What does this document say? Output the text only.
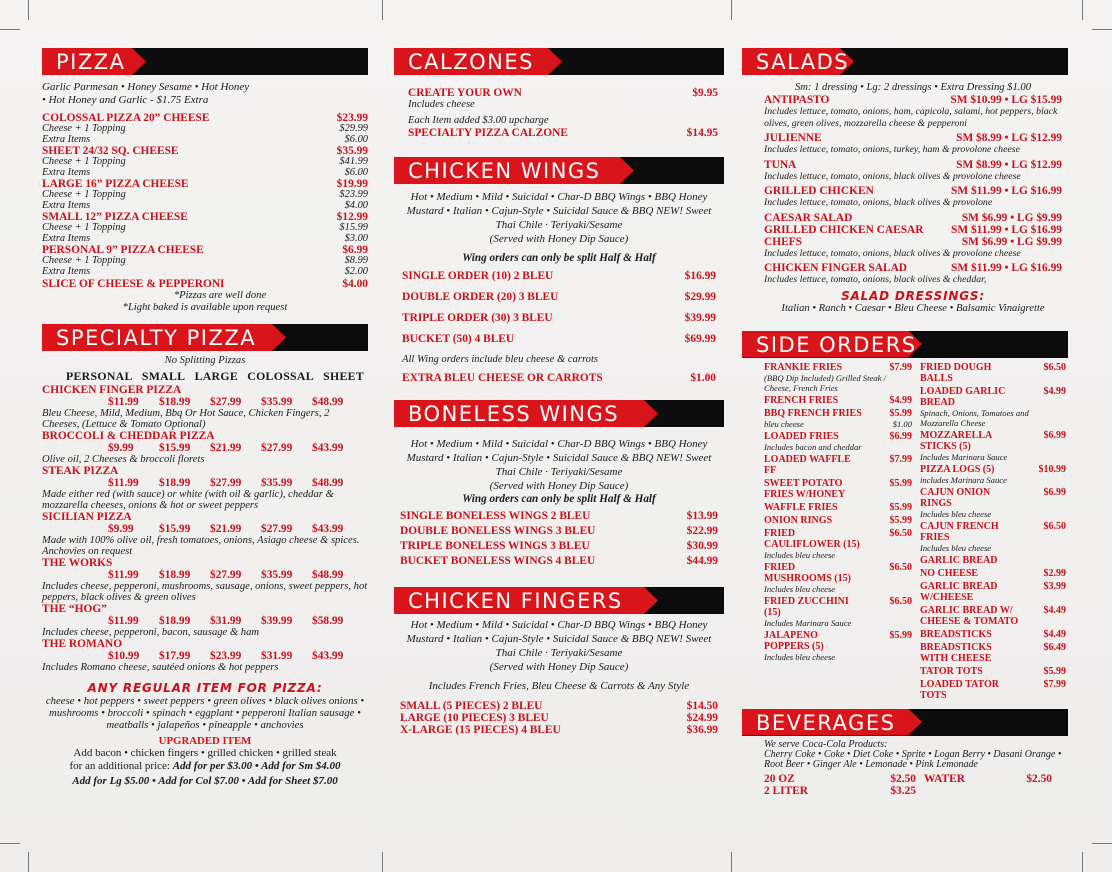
PIZZA
Garlic Parmesan • Honey Sesame • Hot Honey
• Hot Honey and Garlic - $1.75 Extra
COLOSSAL PIZZA 20” CHEESE	$23.99
Cheese + 1 Topping	$29.99
Extra Items	$6.00
SHEET 24/32 SQ. CHEESE	$35.99
Cheese + 1 Topping	$41.99
Extra Items	$6.00
LARGE 16” PIZZA CHEESE	$19.99
Cheese + 1 Topping	$23.99
Extra Items	$4.00
SMALL 12” PIZZA CHEESE	$12.99
Cheese + 1 Topping	$15.99
Extra Items	$3.00
PERSONAL 9” PIZZA CHEESE	$6.99
Cheese + 1 Topping	$8.99
Extra Items	$2.00
SLICE OF CHEESE & PEPPERONI	$4.00
*Pizzas are well done
*Light baked is available upon request
SPECIALTY PIZZA
No Splitting Pizzas
PERSONAL SMALL LARGE COLOSSAL SHEET
CHICKEN FINGER PIZZA
$11.99	$18.99	$27.99	$35.99	$48.99
Bleu Cheese, Mild, Medium, Bbq Or Hot Sauce, Chicken Fingers, 2 Cheeses, (Lettuce & Tomato Optional)
BROCCOLI & CHEDDAR PIZZA
$9.99	$15.99	$21.99	$27.99	$43.99
Olive oil, 2 Cheeses & broccoli florets
STEAK PIZZA
$11.99	$18.99	$27.99	$35.99	$48.99
Made either red (with sauce) or white (with oil & garlic), cheddar & mozzarella cheeses, onions & hot or sweet peppers
SICILIAN PIZZA
$9.99	$15.99	$21.99	$27.99	$43.99
Made with 100% olive oil, fresh tomatoes, onions, Asiago cheese & spices. Anchovies on request
THE WORKS
$11.99	$18.99	$27.99	$35.99	$48.99
Includes cheese, pepperoni, mushrooms, sausage, onions, sweet peppers, hot peppers, black olives & green olives
THE “HOG”
$11.99	$18.99	$31.99	$39.99	$58.99
Includes cheese, pepperoni, bacon, sausage & ham
THE ROMANO
$10.99	$17.99	$23.99	$31.99	$43.99
Includes Romano cheese, sautéed onions & hot peppers
ANY REGULAR ITEM FOR PIZZA:
cheese • hot peppers • sweet peppers • green olives • black olives onions • mushrooms • broccoli • spinach • eggplant • pepperoni Italian sausage • meatballs • jalapeños • pineapple • anchovies
UPGRADED ITEM
Add bacon • chicken fingers • grilled chicken • grilled steak
for an additional price: Add for per $3.00 • Add for Sm $4.00
Add for Lg $5.00 • Add for Col $7.00 • Add for Sheet $7.00
CALZONES
CREATE YOUR OWN	$9.95
Includes cheese
Each Item added $3.00 upcharge
SPECIALTY PIZZA CALZONE	$14.95
CHICKEN WINGS
Hot • Medium • Mild • Suicidal • Char-D BBQ Wings • BBQ Honey Mustard • Italian • Cajun-Style • Suicidal Sauce & BBQ NEW! Sweet Thai Chile · Teriyaki/Sesame
(Served with Honey Dip Sauce)
Wing orders can only be split Half & Half
SINGLE ORDER (10) 2 BLEU	$16.99
DOUBLE ORDER (20) 3 BLEU	$29.99
TRIPLE ORDER (30) 3 BLEU	$39.99
BUCKET (50) 4 BLEU	$69.99
All Wing orders include bleu cheese & carrots
EXTRA BLEU CHEESE OR CARROTS	$1.00
BONELESS WINGS
Hot • Medium • Mild • Suicidal • Char-D BBQ Wings • BBQ Honey Mustard • Italian • Cajun-Style • Suicidal Sauce & BBQ NEW! Sweet Thai Chile · Teriyaki/Sesame
(Served with Honey Dip Sauce)
Wing orders can only be split Half & Half
SINGLE BONELESS WINGS 2 BLEU	$13.99
DOUBLE BONELESS WINGS 3 BLEU	$22.99
TRIPLE BONELESS WINGS 3 BLEU	$30.99
BUCKET BONELESS WINGS 4 BLEU	$44.99
CHICKEN FINGERS
Hot • Medium • Mild • Suicidal • Char-D BBQ Wings • BBQ Honey Mustard • Italian • Cajun-Style • Suicidal Sauce & BBQ NEW! Sweet Thai Chile · Teriyaki/Sesame
(Served with Honey Dip Sauce)
Includes French Fries, Bleu Cheese & Carrots & Any Style
SMALL (5 PIECES) 2 BLEU	$14.50
LARGE (10 PIECES) 3 BLEU	$24.99
X-LARGE (15 PIECES) 4 BLEU	$36.99
SALADS
Sm: 1 dressing • Lg: 2 dressings • Extra Dressing $1.00
ANTIPASTO	SM $10.99 • LG $15.99
Includes lettuce, tomato, onions, ham, capicola, salami, hot peppers, black olives, green olives, mozzarella cheese & pepperoni
JULIENNE	SM $8.99 • LG $12.99
Includes lettuce, tomato, onions, turkey, ham & provolone cheese
TUNA	SM $8.99 • LG $12.99
Includes lettuce, tomato, onions, black olives & provolone cheese
GRILLED CHICKEN	SM $11.99 • LG $16.99
Includes lettuce, tomato, onions, black olives & provolone
CAESAR SALAD	SM $6.99 • LG $9.99
GRILLED CHICKEN CAESAR SM $11.99 • LG $16.99
CHEFS	SM $6.99 • LG $9.99
Includes lettuce, tomato, onions, black olives & provolone cheese
CHICKEN FINGER SALAD	SM $11.99 • LG $16.99
Includes lettuce, tomato, onions, black olives & cheddar,
SALAD DRESSINGS:
Italian • Ranch • Caesar • Bleu Cheese • Balsamic Vinaigrette
SIDE ORDERS
FRANKIE FRIES	$7.99
(BBQ Dip Included) Grilled Steak / Cheese, French Fries
FRENCH FRIES	$4.99
BBQ FRENCH FRIES	$5.99
bleu cheese	$1.00
LOADED FRIES	$6.99
Includes bacon and cheddar
LOADED WAFFLE FF
$7.99
SWEET POTATO FRIES W/HONEY
$5.99
WAFFLE FRIES	$5.99
ONION RINGS	$5.99
FRIED CAULIFLOWER (15)
$6.50
Includes bleu cheese
FRIED MUSHROOMS (15)
$6.50
Includes bleu cheese
FRIED ZUCCHINI (15)
$6.50
Includes Marinara Sauce
JALAPENO POPPERS (5)
$5.99
Includes bleu cheese
FRIED DOUGH BALLS
$6.50
LOADED GARLIC BREAD
$4.99
Spinach, Onions, Tomatoes and Mozzarella Cheese
MOZZARELLA STICKS (5)
$6.99
Includes Marinara Sauce
PIZZA LOGS (5)	$10.99
includes Marinara Sauce
CAJUN ONION RINGS
$6.99
Includes bleu cheese
CAJUN FRENCH FRIES
$6.50
Includes bleu cheese
GARLIC BREAD
NO CHEESE	$2.99
GARLIC BREAD W/CHEESE
$3.99
GARLIC BREAD W/ CHEESE & TOMATO
$4.49
BREADSTICKS	$4.49
BREADSTICKS WITH CHEESE
$6.49
TATOR TOTS	$5.99
LOADED TATOR TOTS
$7.99
BEVERAGES
We serve Coca-Cola Products:
Cherry Coke • Coke • Diet Coke • Sprite • Logan Berry • Dasani Orange • Root Beer • Ginger Ale • Lemonade • Pink Lemonade
20 OZ	$2.50
2 LITER	$3.25
WATER	$2.50
